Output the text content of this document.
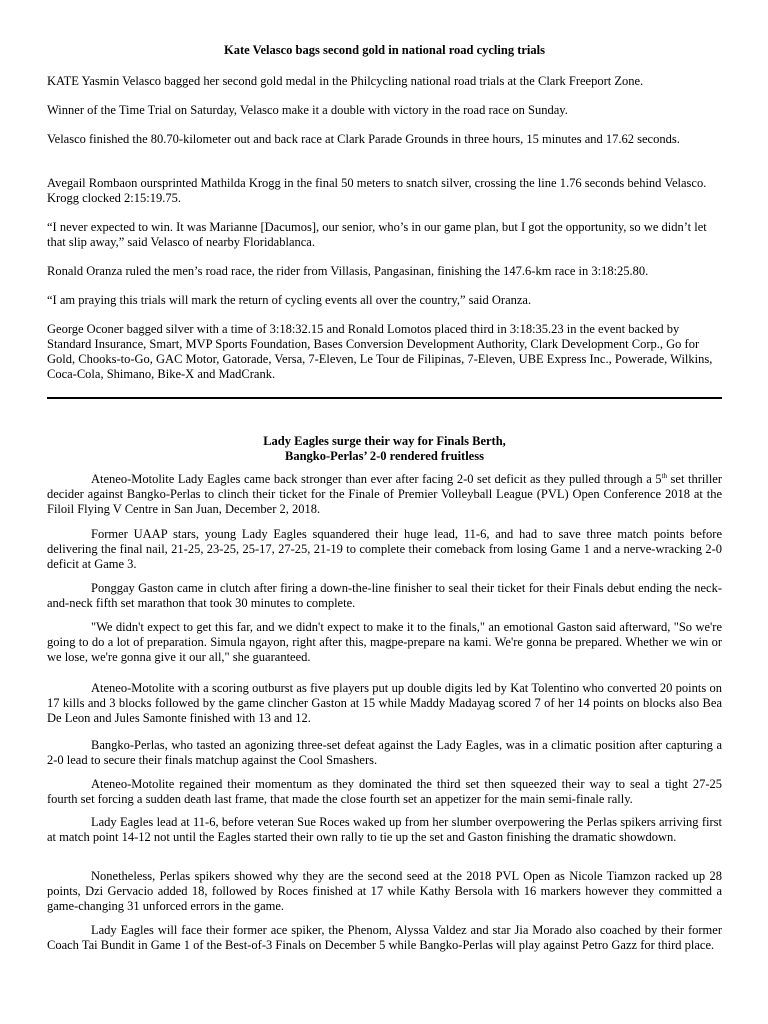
Kate Velasco bags second gold in national road cycling trials

KATE Yasmin Velasco bagged her second gold medal in the Philcycling national road trials at the Clark Freeport Zone.

Winner of the Time Trial on Saturday, Velasco make it a double with victory in the road race on Sunday.

Velasco finished the 80.70-kilometer out and back race at Clark Parade Grounds in three hours, 15 minutes and 17.62 seconds.

Avegail Rombaon oursprinted Mathilda Krogg in the final 50 meters to snatch silver, crossing the line 1.76 seconds behind Velasco. Krogg clocked 2:15:19.75.

“I never expected to win. It was Marianne [Dacumos], our senior, who’s in our game plan, but I got the opportunity, so we didn’t let that slip away,” said Velasco of nearby Floridablanca.

Ronald Oranza ruled the men’s road race, the rider from Villasis, Pangasinan, finishing the 147.6-km race in 3:18:25.80.

“I am praying this trials will mark the return of cycling events all over the country,” said Oranza.

George Oconer bagged silver with a time of 3:18:32.15 and Ronald Lomotos placed third in 3:18:35.23 in the event backed by Standard Insurance, Smart, MVP Sports Foundation, Bases Conversion Development Authority, Clark Development Corp., Go for Gold, Chooks-to-Go, GAC Motor, Gatorade, Versa, 7-Eleven, Le Tour de Filipinas, 7-Eleven, UBE Express Inc., Powerade, Wilkins, Coca-Cola, Shimano, Bike-X and MadCrank.

Lady Eagles surge their way for Finals Berth,
Bangko-Perlas’ 2-0 rendered fruitless

Ateneo-Motolite Lady Eagles came back stronger than ever after facing 2-0 set deficit as they pulled through a 5th set thriller decider against Bangko-Perlas to clinch their ticket for the Finale of Premier Volleyball League (PVL) Open Conference 2018 at the Filoil Flying V Centre in San Juan, December 2, 2018.

Former UAAP stars, young Lady Eagles squandered their huge lead, 11-6, and had to save three match points before delivering the final nail, 21-25, 23-25, 25-17, 27-25, 21-19 to complete their comeback from losing Game 1 and a nerve-wracking 2-0 deficit at Game 3.

Ponggay Gaston came in clutch after firing a down-the-line finisher to seal their ticket for their Finals debut ending the neck-and-neck fifth set marathon that took 30 minutes to complete.

"We didn't expect to get this far, and we didn't expect to make it to the finals," an emotional Gaston said afterward, "So we're going to do a lot of preparation. Simula ngayon, right after this, magpe-prepare na kami. We're gonna be prepared. Whether we win or we lose, we're gonna give it our all," she guaranteed.

Ateneo-Motolite with a scoring outburst as five players put up double digits led by Kat Tolentino who converted 20 points on 17 kills and 3 blocks followed by the game clincher Gaston at 15 while Maddy Madayag scored 7 of her 14 points on blocks also Bea De Leon and Jules Samonte finished with 13 and 12.

Bangko-Perlas, who tasted an agonizing three-set defeat against the Lady Eagles, was in a climatic position after capturing a 2-0 lead to secure their finals matchup against the Cool Smashers.

Ateneo-Motolite regained their momentum as they dominated the third set then squeezed their way to seal a tight 27-25 fourth set forcing a sudden death last frame, that made the close fourth set an appetizer for the main semi-finale rally.

Lady Eagles lead at 11-6, before veteran Sue Roces waked up from her slumber overpowering the Perlas spikers arriving first at match point 14-12 not until the Eagles started their own rally to tie up the set and Gaston finishing the dramatic showdown.

Nonetheless, Perlas spikers showed why they are the second seed at the 2018 PVL Open as Nicole Tiamzon racked up 28 points, Dzi Gervacio added 18, followed by Roces finished at 17 while Kathy Bersola with 16 markers however they committed a game-changing 31 unforced errors in the game.

Lady Eagles will face their former ace spiker, the Phenom, Alyssa Valdez and star Jia Morado also coached by their former Coach Tai Bundit in Game 1 of the Best-of-3 Finals on December 5 while Bangko-Perlas will play against Petro Gazz for third place.
